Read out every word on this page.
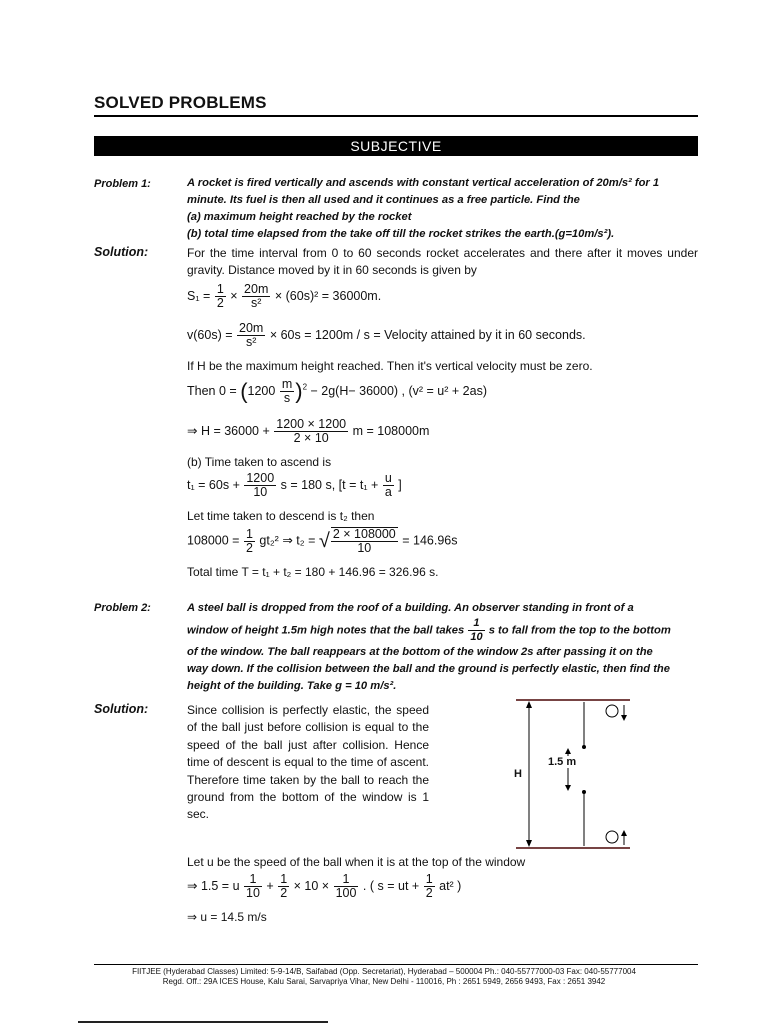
SOLVED PROBLEMS
SUBJECTIVE
Problem 1:	A rocket is fired vertically and ascends with constant vertical acceleration of 20m/s² for 1
minute. Its fuel is then all used and it continues as a free particle. Find the
(a) maximum height reached by the rocket
(b) total time elapsed from the take off till the rocket strikes the earth.(g=10m/s²).
Solution:	For the time interval from 0 to 60 seconds rocket accelerates and there after it moves under gravity. Distance moved by it in 60 seconds is given by
$S_1 = \frac{1}{2} \times \frac{20m}{\text{s²}} \times (60s)^2 = 36000m$.
$v(60s) = \frac{20m}{\text{s²}} \times 60s = 1200m / s$ = Velocity attained by it in 60 seconds.
If H be the maximum height reached. Then it's vertical velocity must be zero.
Then $0 = (1200 \frac{m}{s} )^2 - 2g(H- 36000)$ , (v² = u² + 2as)
⇒ $H = 36000 + \frac{1200 \times 1200}{2 \times 10}$ m = 108000m
(b) Time taken to ascend is
$t_1 = 60s + \frac{1200}{10}$ s = 180 s, [$t = t_1 + \frac{u}{a}$ ]
Let time taken to descend is t₂ then
$108000 = \frac{1}{2} gt_2^2$ ⇒ t₂ = √ $\frac{2 \times 108000}{10} = 146.96s$
Total time T = t₁ + t₂ = 180 + 146.96 = 326.96 s.
Problem 2:	A steel ball is dropped from the roof of a building. An observer standing in front of a
window of height 1.5m high notes that the ball takes $\frac{1}{10}$ s to fall from the top to the bottom
of the window. The ball reappears at the bottom of the window 2s after passing it on the
way down. If the collision between the ball and the ground is perfectly elastic, then find the
height of the building. Take g = 10 m/s².
Solution:	Since collision is perfectly elastic, the speed of the ball just before collision is equal to the speed of the ball just after collision. Hence time of descent is equal to the time of ascent. Therefore time taken by the ball to reach the ground from the bottom of the window is 1 sec.
H
1.5 m
Let u be the speed of the ball when it is at the top of the window
⇒ 1.5 = u $\frac{1}{10} + \frac{1}{2} \times 10 \times \frac{1}{100}$ . ( s = ut + $\frac{1}{2} at^2$ )
⇒ u = 14.5 m/s
FIITJEE (Hyderabad Classes) Limited: 5-9-14/B, Saifabad (Opp. Secretariat), Hyderabad – 500004 Ph.: 040-55777000-03 Fax: 040-55777004
Regd. Off.: 29A ICES House, Kalu Sarai, Sarvapriya Vihar, New Delhi - 110016, Ph : 2651 5949, 2656 9493, Fax : 2651 3942
